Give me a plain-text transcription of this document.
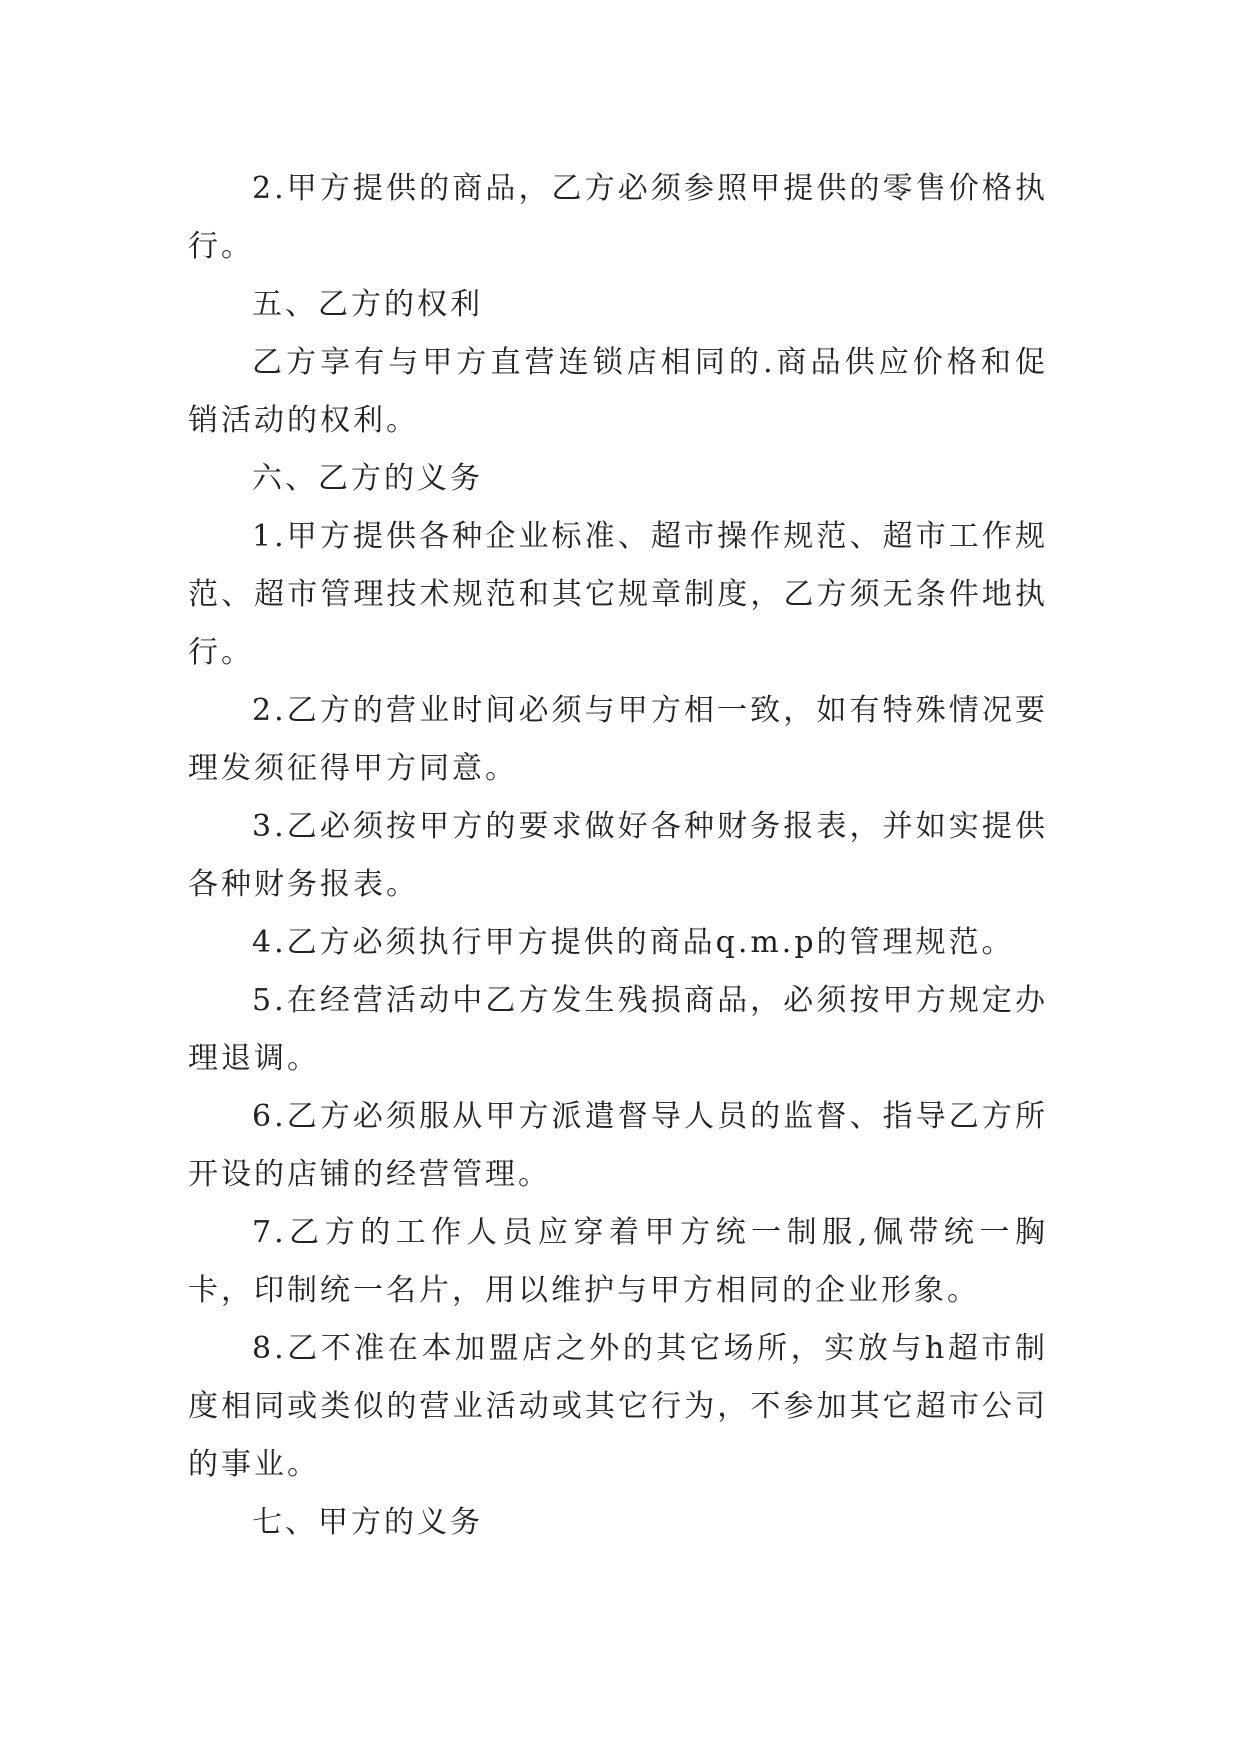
2.甲方提供的商品，乙方必须参照甲提供的零售价格执行。

五、乙方的权利

乙方享有与甲方直营连锁店相同的.商品供应价格和促销活动的权利。

六、乙方的义务

1.甲方提供各种企业标准、超市操作规范、超市工作规范、超市管理技术规范和其它规章制度，乙方须无条件地执行。

2.乙方的营业时间必须与甲方相一致，如有特殊情况要理发须征得甲方同意。

3.乙必须按甲方的要求做好各种财务报表，并如实提供各种财务报表。

4.乙方必须执行甲方提供的商品q.m.p的管理规范。

5.在经营活动中乙方发生残损商品，必须按甲方规定办理退调。

6.乙方必须服从甲方派遣督导人员的监督、指导乙方所开设的店铺的经营管理。

7.乙方的工作人员应穿着甲方统一制服,佩带统一胸卡，印制统一名片，用以维护与甲方相同的企业形象。

8.乙不准在本加盟店之外的其它场所，实放与h超市制度相同或类似的营业活动或其它行为，不参加其它超市公司的事业。

七、甲方的义务
